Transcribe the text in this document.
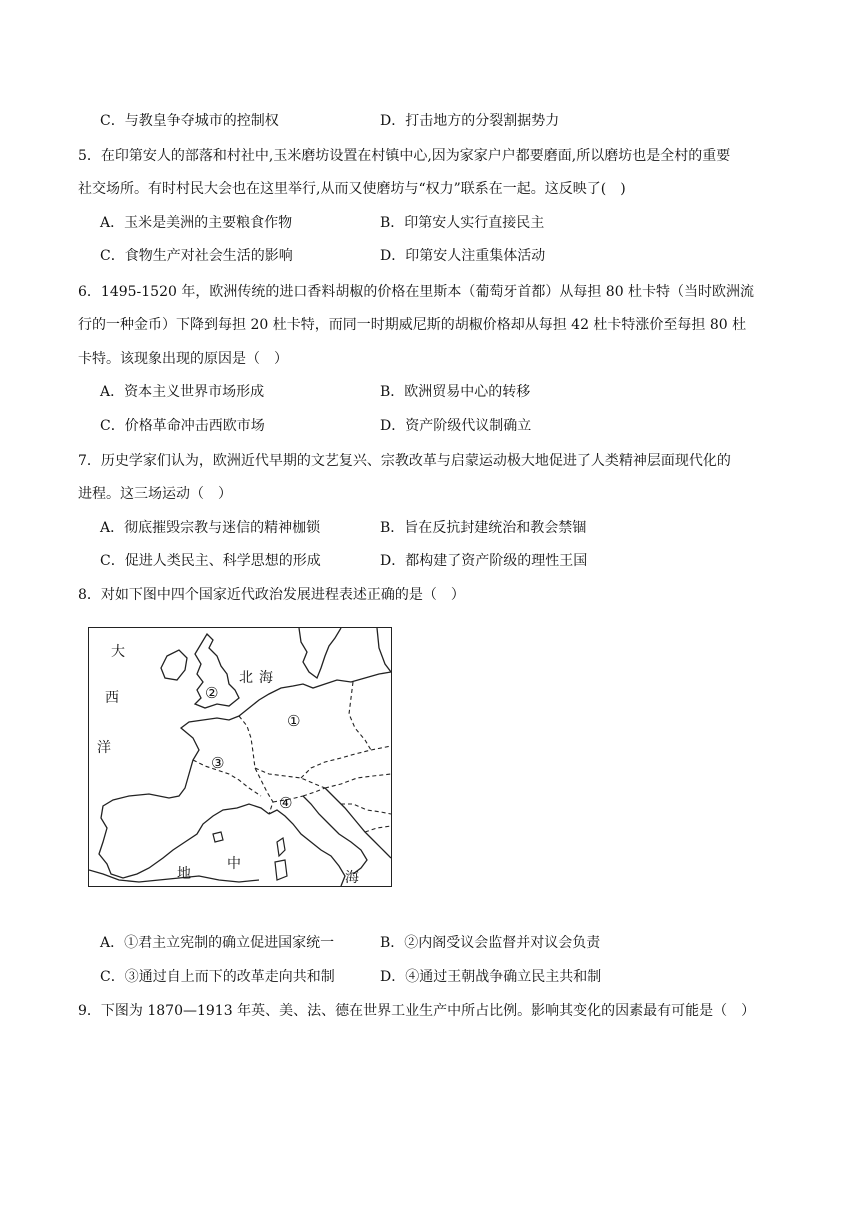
C．与教皇争夺城市的控制权	D．打击地方的分裂割据势力
5．在印第安人的部落和村社中,玉米磨坊设置在村镇中心,因为家家户户都要磨面,所以磨坊也是全村的重要
社交场所。有时村民大会也在这里举行,从而又使磨坊与“权力”联系在一起。这反映了(　)
A．玉米是美洲的主要粮食作物	B．印第安人实行直接民主
C．食物生产对社会生活的影响	D．印第安人注重集体活动
6．1495-1520 年，欧洲传统的进口香料胡椒的价格在里斯本（葡萄牙首都）从每担 80 杜卡特（当时欧洲流
行的一种金币）下降到每担 20 杜卡特，而同一时期威尼斯的胡椒价格却从每担 42 杜卡特涨价至每担 80 杜
卡特。该现象出现的原因是（　）
A．资本主义世界市场形成	B．欧洲贸易中心的转移
C．价格革命冲击西欧市场	D．资产阶级代议制确立
7．历史学家们认为，欧洲近代早期的文艺复兴、宗教改革与启蒙运动极大地促进了人类精神层面现代化的
进程。这三场运动（　）
A．彻底摧毁宗教与迷信的精神枷锁	B．旨在反抗封建统治和教会禁锢
C．促进人类民主、科学思想的形成	D．都构建了资产阶级的理性王国
8．对如下图中四个国家近代政治发展进程表述正确的是（　）
大
西
洋
北 海
地
中
海
①
②
③
④
A．①君主立宪制的确立促进国家统一	B．②内阁受议会监督并对议会负责
C．③通过自上而下的改革走向共和制	D．④通过王朝战争确立民主共和制
9．下图为 1870—1913 年英、美、法、德在世界工业生产中所占比例。影响其变化的因素最有可能是（　）
